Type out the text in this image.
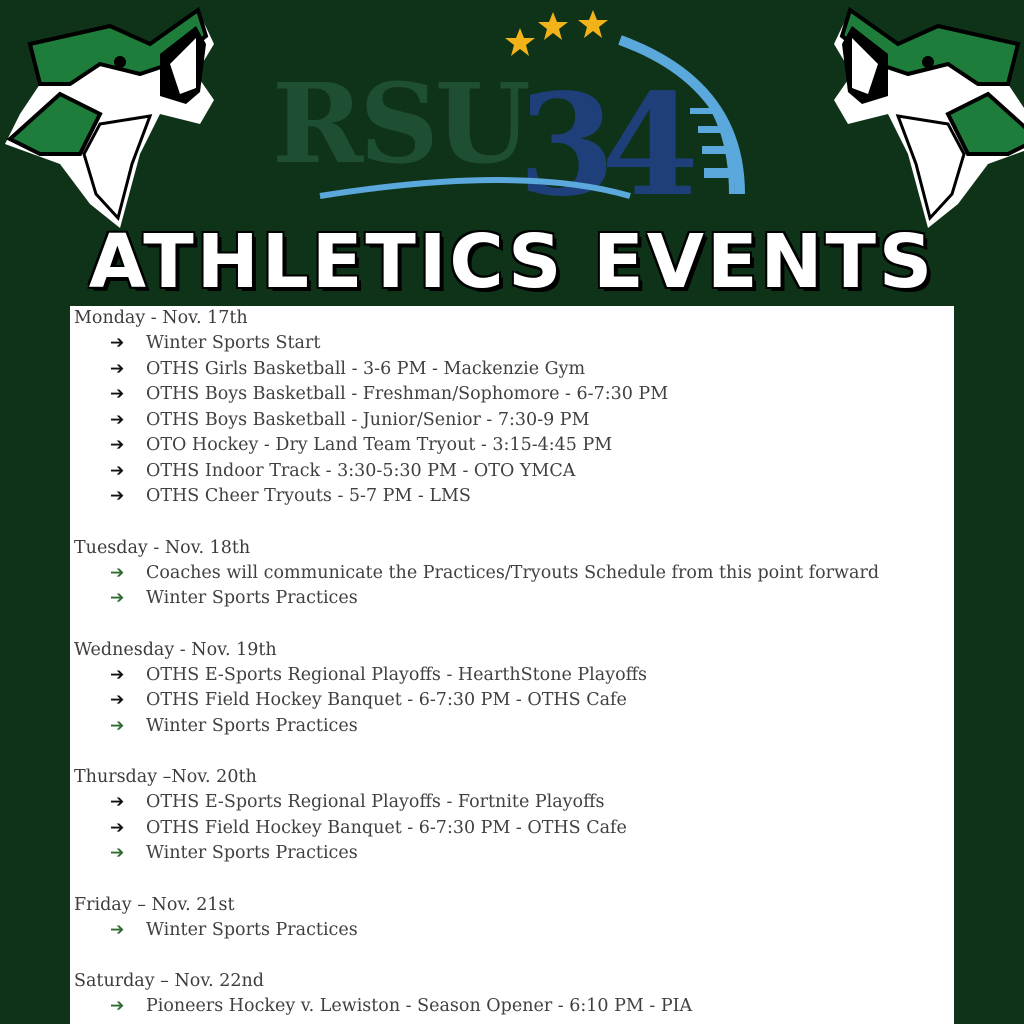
RSU
34
ATHLETICS EVENTS
Monday - Nov. 17th
➔ Winter Sports Start
➔ OTHS Girls Basketball - 3-6 PM - Mackenzie Gym
➔ OTHS Boys Basketball - Freshman/Sophomore - 6-7:30 PM
➔ OTHS Boys Basketball - Junior/Senior - 7:30-9 PM
➔ OTO Hockey - Dry Land Team Tryout - 3:15-4:45 PM
➔ OTHS Indoor Track - 3:30-5:30 PM - OTO YMCA
➔ OTHS Cheer Tryouts - 5-7 PM - LMS
Tuesday - Nov. 18th
➔ Coaches will communicate the Practices/Tryouts Schedule from this point forward
➔ Winter Sports Practices
Wednesday - Nov. 19th
➔ OTHS E-Sports Regional Playoffs - HearthStone Playoffs
➔ OTHS Field Hockey Banquet - 6-7:30 PM - OTHS Cafe
➔ Winter Sports Practices
Thursday –Nov. 20th
➔ OTHS E-Sports Regional Playoffs - Fortnite Playoffs
➔ OTHS Field Hockey Banquet - 6-7:30 PM - OTHS Cafe
➔ Winter Sports Practices
Friday – Nov. 21st
➔ Winter Sports Practices
Saturday – Nov. 22nd
➔ Pioneers Hockey v. Lewiston - Season Opener - 6:10 PM - PIA
